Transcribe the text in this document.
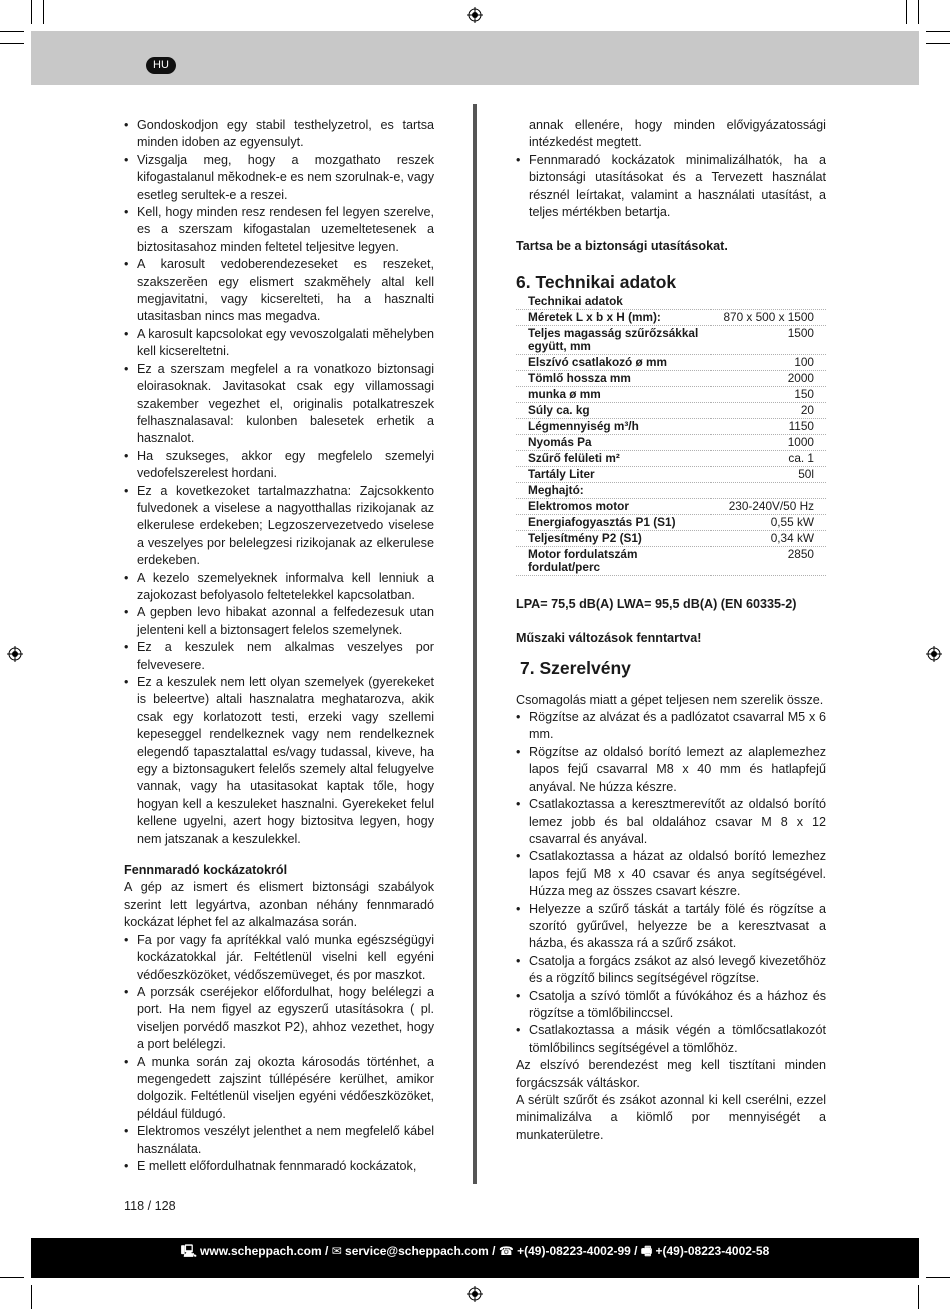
HU
• Gondoskodjon egy stabil testhelyzetrol, es tartsa minden idoben az egyensulyt.
• Vizsgalja meg, hogy a mozgathato reszek kifogastalanul mĕkodnek-e es nem szorulnak-e, vagy esetleg serultek-e a reszei.
• Kell, hogy minden resz rendesen fel legyen szerelve, es a szerszam kifogastalan uzemeltetesenek a biztositasahoz minden feltetel teljesitve legyen.
• A karosult vedoberendezeseket es reszeket, szakszerĕen egy elismert szakmĕhely altal kell megjavitatni, vagy kicserelteti, ha a hasznalti utasitasban nincs mas megadva.
• A karosult kapcsolokat egy vevoszolgalati mĕhelyben kell kicsereltetni.
• Ez a szerszam megfelel a ra vonatkozo biztonsagi eloirasoknak. Javitasokat csak egy villamossagi szakember vegezhet el, originalis potalkatreszek felhasznalasaval: kulonben balesetek erhetik a hasznalot.
• Ha szukseges, akkor egy megfelelo szemelyi vedofelszerelest hordani.
• Ez a kovetkezoket tartalmazzhatna: Zajcsokkento fulvedonek a viselese a nagyotthallas rizikojanak az elkerulese erdekeben; Legzoszervezetvedo viselese a veszelyes por belelegzesi rizikojanak az elkerulese erdekeben.
• A kezelo szemelyeknek informalva kell lenniuk a zajokozast befolyasolo feltetelekkel kapcsolatban.
• A gepben levo hibakat azonnal a felfedezesuk utan jelenteni kell a biztonsagert felelos szemelynek.
• Ez a keszulek nem alkalmas veszelyes por felvevesere.
• Ez a keszulek nem lett olyan szemelyek (gyerekeket is beleertve) altali hasznalatra meghatarozva, akik csak egy korlatozott testi, erzeki vagy szellemi kepeseggel rendelkeznek vagy nem rendelkeznek elegendő tapasztalattal es/vagy tudassal, kiveve, ha egy a biztonsagukert felelős szemely altal felugyelve vannak, vagy ha utasitasokat kaptak tőle, hogy hogyan kell a keszuleket hasznalni. Gyerekeket felul kellene ugyelni, azert hogy biztositva legyen, hogy nem jatszanak a keszulekkel.

Fennmaradó kockázatokról

A gép az ismert és elismert biztonsági szabályok szerint lett legyártva, azonban néhány fennmaradó kockázat léphet fel az alkalmazása során.

• Fa por vagy fa aprítékkal való munka egészségügyi kockázatokkal jár. Feltétlenül viselni kell egyéni védőeszközöket, védőszemüveget, és por maszkot.
• A porzsák cseréjekor előfordulhat, hogy belélegzi a port. Ha nem figyel az egyszerű utasításokra ( pl. viseljen porvédő maszkot P2), ahhoz vezethet, hogy a port belélegzi.
• A munka során zaj okozta károsodás történhet, a megengedett zajszint túllépésére kerülhet, amikor dolgozik. Feltétlenül viseljen egyéni védőeszközöket, például füldugó.
• Elektromos veszélyt jelenthet a nem megfelelő kábel használata.
• E mellett előfordulhatnak fennmaradó kockázatok,

annak ellenére, hogy minden elővigyázatossági intézkedést megtett.

• Fennmaradó kockázatok minimalizálhatók, ha a biztonsági utasításokat és a Tervezett használat résznél leírtakat, valamint a használati utasítást, a teljes mértékben betartja.

Tartsa be a biztonsági utasításokat.

6. Technikai adatok
Technikai adatok	
Méretek L x b x H (mm):	870 x 500 x 1500
Teljes magasság szűrőzsákkal együtt, mm	1500
Elszívó csatlakozó ø mm	100
Tömlő hossza mm	2000
munka ø mm	150
Súly ca. kg	20
Légmennyiség m³/h	1150
Nyomás Pa	1000
Szűrő felületi m²	ca. 1
Tartály Liter	50l
Meghajtó:	
Elektromos motor	230-240V/50 Hz
Energiafogyasztás P1 (S1)	0,55 kW
Teljesítmény P2 (S1)	0,34 kW
Motor fordulatszám fordulat/perc	2850

LPA= 75,5 dB(A) LWA= 95,5 dB(A) (EN 60335-2)

Műszaki változások fenntartva!

7. Szerelvény

Csomagolás miatt a gépet teljesen nem szerelik össze.

• Rögzítse az alvázat és a padlózatot csavarral M5 x 6 mm.
• Rögzítse az oldalsó borító lemezt az alaplemezhez lapos fejű csavarral M8 x 40 mm és hatlapfejű anyával. Ne húzza készre.
• Csatlakoztassa a keresztmerevítőt az oldalsó borító lemez jobb és bal oldalához csavar M 8 x 12 csavarral és anyával.
• Csatlakoztassa a házat az oldalsó borító lemezhez lapos fejű M8 x 40 csavar és anya segítségével. Húzza meg az összes csavart készre.
• Helyezze a szűrő táskát a tartály fölé és rögzítse a szorító gyűrűvel, helyezze be a keresztvasat a házba, és akassza rá a szűrő zsákot.
• Csatolja a forgács zsákot az alsó levegő kivezetőhöz és a rögzítő bilincs segítségével rögzítse.
• Csatolja a szívó tömlőt a fúvókához és a házhoz és rögzítse a tömlőbilinccsel.
• Csatlakoztassa a másik végén a tömlőcsatlakozót tömlőbilincs segítségével a tömlőhöz.

Az elszívó berendezést meg kell tisztítani minden forgácszsák váltáskor.

A sérült szűrőt és zsákot azonnal ki kell cserélni, ezzel minimalizálva a kiömlő por mennyiségét a munkaterületre.

118 / 128
🖳 www.scheppach.com / ✉ service@scheppach.com / ☎ +(49)-08223-4002-99 / 🖷 +(49)-08223-4002-58
